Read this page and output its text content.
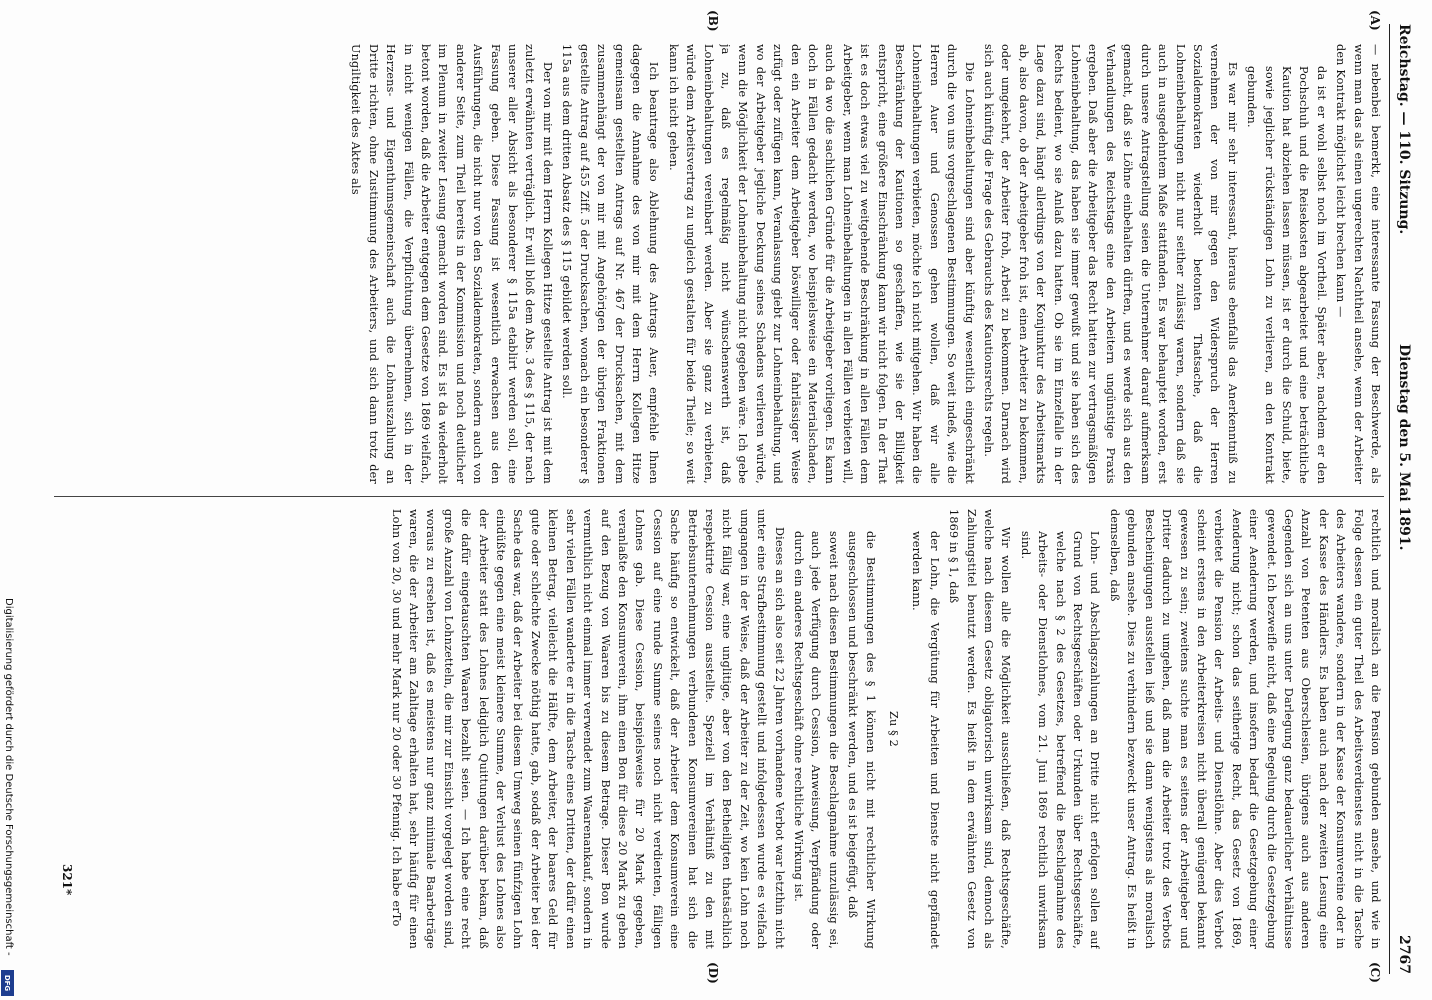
Reichstag. — 110. Sitzung.
Dienstag den 5. Mai 1891.
2767
(A)
(B)
(C)
(D)

— nebenbei bemerkt, eine interessante Fassung der Beschwerde, als wenn man das als einen ungerechten Nachtheil ansehe, wenn der Arbeiter den Kontrakt möglichst leicht brechen kann —

da ist er wohl selbst noch im Vortheil. Später aber, nachdem er den Pochschuh und die Reisekosten abgearbeitet und eine beträchtliche Kaution hat abziehen lassen müssen, ist er durch die Schuld, biete, sowie jeglicher rückständigen Lohn zu verlieren, an den Kontrakt gebunden.

Es war mir sehr interessant, hieraus ebenfalls das Anerkenntniß zu vernehmen der von mir gegen den Widerspruch der Herren Sozialdemokraten wiederholt betonten Thatsache, daß die Lohneinbehaltungen nicht nur seither zulässig waren, sondern daß sie auch in ausgedehntem Maße stattfanden. Es war behauptet worden, erst durch unsere Antragstellung seien die Unternehmer darauf aufmerksam gemacht, daß sie Löhne einbehalten dürften, und es werde sich aus den Verhandlungen des Reichstags eine den Arbeitern ungünstige Praxis ergeben. Daß aber die Arbeitgeber das Recht hatten zur vertragsmäßigen Lohneinbehaltung, das haben sie immer gewußt und sie haben sich des Rechts bedient, wo sie Anlaß dazu hatten. Ob sie im Einzelfalle in der Lage dazu sind, hängt allerdings von der Konjunktur des Arbeitsmarkts ab, also davon, ob der Arbeitgeber froh ist, einen Arbeiter zu bekommen, oder umgekehrt, der Arbeiter froh, Arbeit zu bekommen. Darnach wird sich auch künftig die Frage des Gebrauchs des Kautionsrechts regeln.

Die Lohneinbehaltungen sind aber künftig wesentlich eingeschränkt durch die von uns vorgeschlagenen Bestimmungen. So weit indeß, wie die Herren Auer und Genossen gehen wollen, daß wir alle Lohneinbehaltungen verbieten, möchte ich nicht mitgehen. Wir haben die Beschränkung der Kautionen so geschaffen, wie sie der Billigkeit entspricht, eine größere Einschränkung kann wir nicht folgen. In der That ist es doch etwas viel zu weitgehende Beschränkung in allen Fällen dem Arbeitgeber, wenn man Lohneinbehaltungen in allen Fällen verbieten will, auch da wo die sachlichen Gründe für die Arbeitgeber vorliegen. Es kann doch in Fällen gedacht werden, wo beispielsweise ein Materialschaden, den ein Arbeiter dem Arbeitgeber böswilliger oder fahrlässiger Weise zufügt oder zufügen kann, Veranlassung giebt zur Lohneinbehaltung, und wo der Arbeitgeber jegliche Deckung seines Schadens verlieren würde, wenn die Möglichkeit der Lohneinbehaltung nicht gegeben wäre. Ich gebe ja zu, daß es regelmäßig nicht wünschenswerth ist, daß Lohneinbehaltungen vereinbart werden. Aber sie ganz zu verbieten, würde dem Arbeitsvertrag zu ungleich gestalten für beide Theile; so weit kann ich nicht gehen.

Ich beantrage also Ablehnung des Antrags Auer, empfehle Ihnen dagegen die Annahme des von mir mit dem Herrn Kollegen Hitze gemeinsam gestellten Antrags auf Nr. 467 der Drucksachen, mit dem zusammenhängt der von mir mit Angehörigen der übrigen Fraktionen gestellte Antrag auf 455 Ziff. 5 der Drucksachen, wonach ein besonderer § 115a aus dem dritten Absatz des § 115 gebildet werden soll.

Der von mir mit dem Herrn Kollegen Hitze gestellte Antrag ist mit dem zuletzt erwähnten verträglich. Er will bloß dem Abs. 3 des § 115, der nach unserer aller Absicht als besonderer § 115a etablirt werden soll, eine Fassung geben. Diese Fassung ist wesentlich erwachsen aus den Ausführungen, die nicht nur von den Sozialdemokraten, sondern auch von anderer Seite, zum Theil bereits in der Kommission und noch deutlicher im Plenum in zweiter Lesung gemacht worden sind. Es ist da wiederholt betont worden, daß die Arbeiter entgegen dem Gesetze von 1869 vielfach, in nicht wenigen Fällen, die Verpflichtung übernehmen, sich in der Herzens- und Eigenthumsgemeinschaft auch die Lohnauszahlung an Dritte richten, ohne Zustimmung des Arbeiters, und sich dann trotz der Ungiltigkeit des Aktes als

rechtlich und moralisch an die Pension gebunden ansehe, und wie in Folge dessen ein guter Theil des Arbeitsverdienstes nicht in die Tasche des Arbeiters wandere, sondern in der Kasse der Konsumvereine oder in der Kasse des Händlers. Es haben auch nach der zweiten Lesung eine Anzahl von Petenten aus Oberschlesien, übrigens auch aus anderen Gegenden sich an uns unter Darlegung ganz bedauerlicher Verhältnisse gewendet. Ich bezweifle nicht, daß eine Regelung durch die Gesetzgebung einer Aenderung werden, und insofern bedarf die Gesetzgebung einer Aenderung nicht; schon das seitherige Recht, das Gesetz von 1869, verbietet die Pension der Arbeits- und Dienstlöhne. Aber dies Verbot scheint erstens in den Arbeiterkreisen nicht überall genügend bekannt gewesen zu sein; zweitens suchte man es seitens der Arbeitgeber und Dritter dadurch zu umgehen, daß man die Arbeiter trotz des Verbots Bescheinigungen ausstellen ließ und sie dann wenigstens als moralisch gebunden ansehe. Dies zu verhindern bezweckt unser Antrag. Es heißt in demselben, daß

Lohn- und Abschlagszahlungen an Dritte nicht erfolgen sollen auf Grund von Rechtsgeschäften oder Urkunden über Rechtsgeschäfte, welche nach § 2 des Gesetzes, betreffend die Beschlagnahme des Arbeits- oder Dienstlohnes, vom 21. Juni 1869 rechtlich unwirksam sind.

Wir wollen alle die Möglichkeit ausschließen, daß Rechtsgeschäfte, welche nach diesem Gesetz obligatorisch unwirksam sind, dennoch als Zahlungstitel benutzt werden. Es heißt in dem erwähnten Gesetz von 1869 in § 1, daß

der Lohn, die Vergütung für Arbeiten und Dienste nicht gepfändet werden kann.

Zu § 2

die Bestimmungen des § 1 können nicht mit rechtlicher Wirkung ausgeschlossen und beschränkt werden, und es ist beigefügt, daß

soweit nach diesen Bestimmungen die Beschlagnahme unzulässig sei, auch jede Verfügung durch Cession, Anweisung, Verpfändung oder durch ein anderes Rechtsgeschäft ohne rechtliche Wirkung ist.

Dieses an sich also seit 22 Jahren vorhandene Verbot war letzthin nicht unter eine Strafbestimmung gestellt und infolgedessen wurde es vielfach umgangen in der Weise, daß der Arbeiter zu der Zeit, wo kein Lohn noch nicht fällig war, eine unglitige, aber von den Betheiligten thatsächlich respektirte Cession ausstellte. Speziell im Verhältniß zu den mit Betriebsunternehmungen verbundenen Konsumvereinen hat sich die Sache häufig so entwickelt, daß der Arbeiter dem Konsumverein eine Cession auf eine runde Summe seines noch nicht verdienten, fälligen Lohnes gab. Diese Cession, beispielsweise für 20 Mark gegeben, veranlaßte den Konsumverein, ihm einen Bon für diese 20 Mark zu geben auf den Bezug von Waaren bis zu diesem Betrage. Dieser Bon wurde vermuthlich nicht einmal immer verwendet zum Waarenankauf, sondern in sehr vielen Fällen wanderte er in die Tasche eines Dritten, der dafür einen kleinen Betrag, vielleicht die Hälfte, dem Arbeiter, der baares Geld für gute oder schlechte Zwecke nöthig hatte, gab, sodaß der Arbeiter bei der Sache das war, daß der Arbeiter bei diesem Umweg seinen fünfzigen Lohn eindüßte gegen eine meist kleinere Summe, der Verlust des Lohnes also der Arbeiter statt des Lohnes lediglich Quittungen darüber bekam, daß die dafür eingetauschten Waaren bezahlt seien. — Ich habe eine recht große Anzahl von Lohnzetteln, die mir zur Einsicht vorgelegt worden sind, woraus zu ersehen ist, daß es meistens nur ganz minimale Baarbeträge waren, die der Arbeiter am Zahltage erhalten hat, sehr häufig für einen Lohn von 20, 30 und mehr Mark nur 20 oder 30 Pfennig. Ich habe erTo

321*
Digitalisierung gefördert durch die Deutsche Forschungsgemeinschaft -
DFG
